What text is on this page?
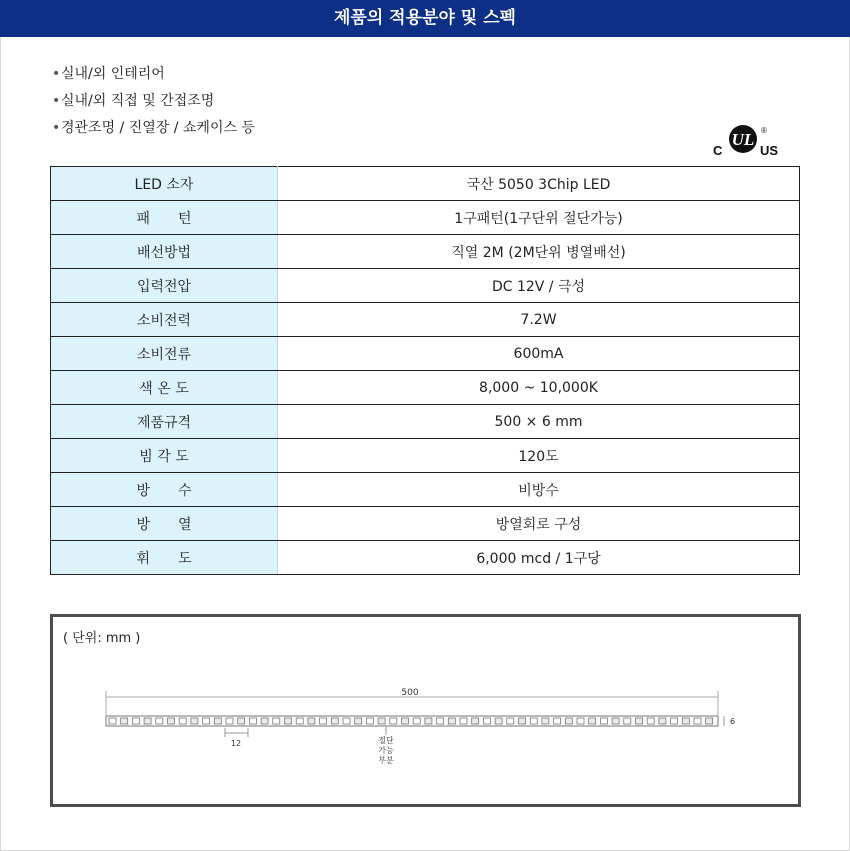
제품의 적용분야 및 스펙
•실내/외 인테리어
•실내/외 직접 및 간접조명
•경관조명 / 진열장 / 쇼케이스 등
C
UL
US
®
LED 소자	국산 5050 3Chip LED
패　　턴	1구패턴(1구단위 절단가능)
배선방법	직열 2M (2M단위 병열배선)
입력전압	DC 12V / 극성
소비전력	7.2W
소비전류	600mA
색 온 도	8,000 ~ 10,000K
제품규격	500 × 6 mm
빔 각 도	120도
방　　수	비방수
방　　열	방열회로 구성
휘　　도	6,000 mcd / 1구당
( 단위: mm )
500
6
12	절단
가능
부분
